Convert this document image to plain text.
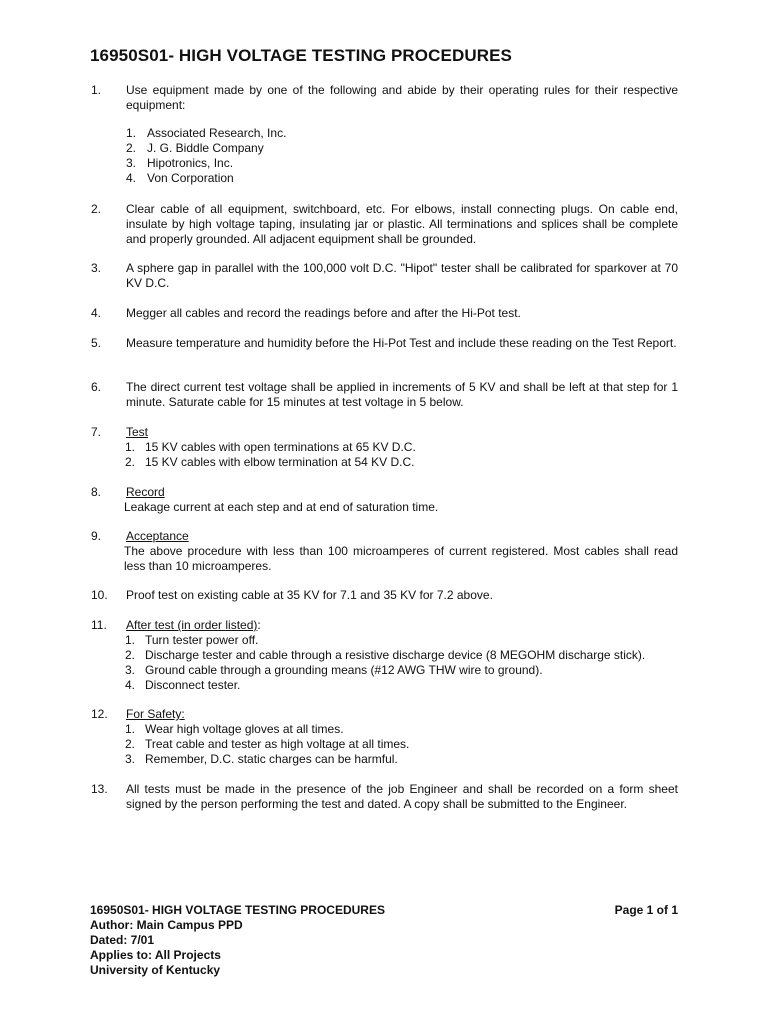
16950S01- HIGH VOLTAGE TESTING PROCEDURES
1. Use equipment made by one of the following and abide by their operating rules for their respective equipment:
1. Associated Research, Inc.
2. J. G. Biddle Company
3. Hipotronics, Inc.
4. Von Corporation
2. Clear cable of all equipment, switchboard, etc. For elbows, install connecting plugs. On cable end, insulate by high voltage taping, insulating jar or plastic. All terminations and splices shall be complete and properly grounded. All adjacent equipment shall be grounded.
3. A sphere gap in parallel with the 100,000 volt D.C. "Hipot" tester shall be calibrated for sparkover at 70 KV D.C.
4. Megger all cables and record the readings before and after the Hi-Pot test.
5. Measure temperature and humidity before the Hi-Pot Test and include these reading on the Test Report.
6. The direct current test voltage shall be applied in increments of 5 KV and shall be left at that step for 1 minute. Saturate cable for 15 minutes at test voltage in 5 below.
7. Test
1. 15 KV cables with open terminations at 65 KV D.C.
2. 15 KV cables with elbow termination at 54 KV D.C.
8. Record
Leakage current at each step and at end of saturation time.
9. Acceptance
The above procedure with less than 100 microamperes of current registered. Most cables shall read less than 10 microamperes.
10. Proof test on existing cable at 35 KV for 7.1 and 35 KV for 7.2 above.
11. After test (in order listed):
1. Turn tester power off.
2. Discharge tester and cable through a resistive discharge device (8 MEGOHM discharge stick).
3. Ground cable through a grounding means (#12 AWG THW wire to ground).
4. Disconnect tester.
12. For Safety:
1. Wear high voltage gloves at all times.
2. Treat cable and tester as high voltage at all times.
3. Remember, D.C. static charges can be harmful.
13. All tests must be made in the presence of the job Engineer and shall be recorded on a form sheet signed by the person performing the test and dated. A copy shall be submitted to the Engineer.
16950S01- HIGH VOLTAGE TESTING PROCEDURES	Page 1 of 1
Author: Main Campus PPD
Dated: 7/01
Applies to: All Projects
University of Kentucky
